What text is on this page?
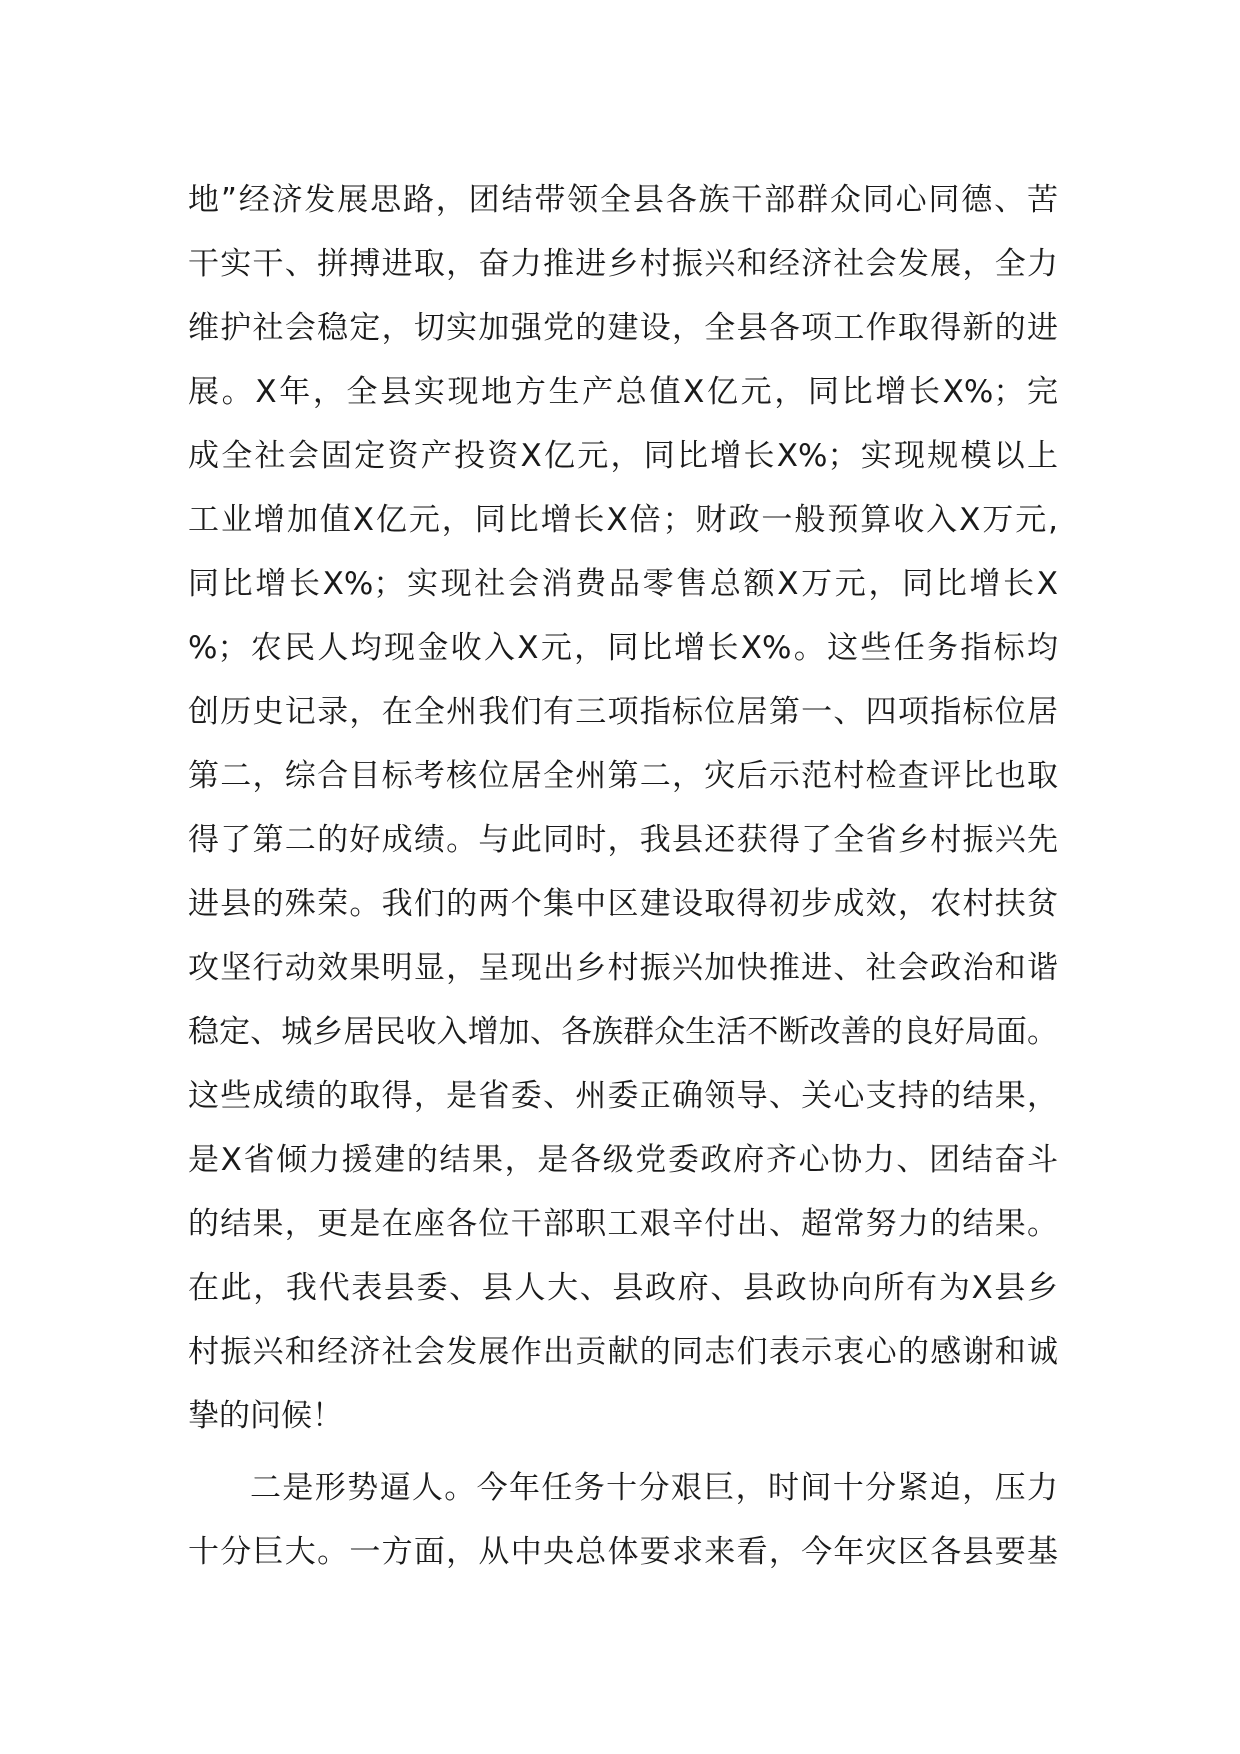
地”经济发展思路，团结带领全县各族干部群众同心同德、苦
干实干、拼搏进取，奋力推进乡村振兴和经济社会发展，全力
维护社会稳定，切实加强党的建设，全县各项工作取得新的进
展。X年，全县实现地方生产总值X亿元，同比增长X%；完
成全社会固定资产投资X亿元，同比增长X%；实现规模以上
工业增加值X亿元，同比增长X倍；财政一般预算收入X万元,
同比增长X%；实现社会消费品零售总额X万元，同比增长X
%；农民人均现金收入X元，同比增长X%。这些任务指标均
创历史记录，在全州我们有三项指标位居第一、四项指标位居
第二，综合目标考核位居全州第二，灾后示范村检查评比也取
得了第二的好成绩。与此同时，我县还获得了全省乡村振兴先
进县的殊荣。我们的两个集中区建设取得初步成效，农村扶贫
攻坚行动效果明显，呈现出乡村振兴加快推进、社会政治和谐
稳定、城乡居民收入增加、各族群众生活不断改善的良好局面。
这些成绩的取得，是省委、州委正确领导、关心支持的结果，
是X省倾力援建的结果，是各级党委政府齐心协力、团结奋斗
的结果，更是在座各位干部职工艰辛付出、超常努力的结果。
在此，我代表县委、县人大、县政府、县政协向所有为X县乡
村振兴和经济社会发展作出贡献的同志们表示衷心的感谢和诚
挚的问候！
二是形势逼人。今年任务十分艰巨，时间十分紧迫，压力
十分巨大。一方面，从中央总体要求来看，今年灾区各县要基
